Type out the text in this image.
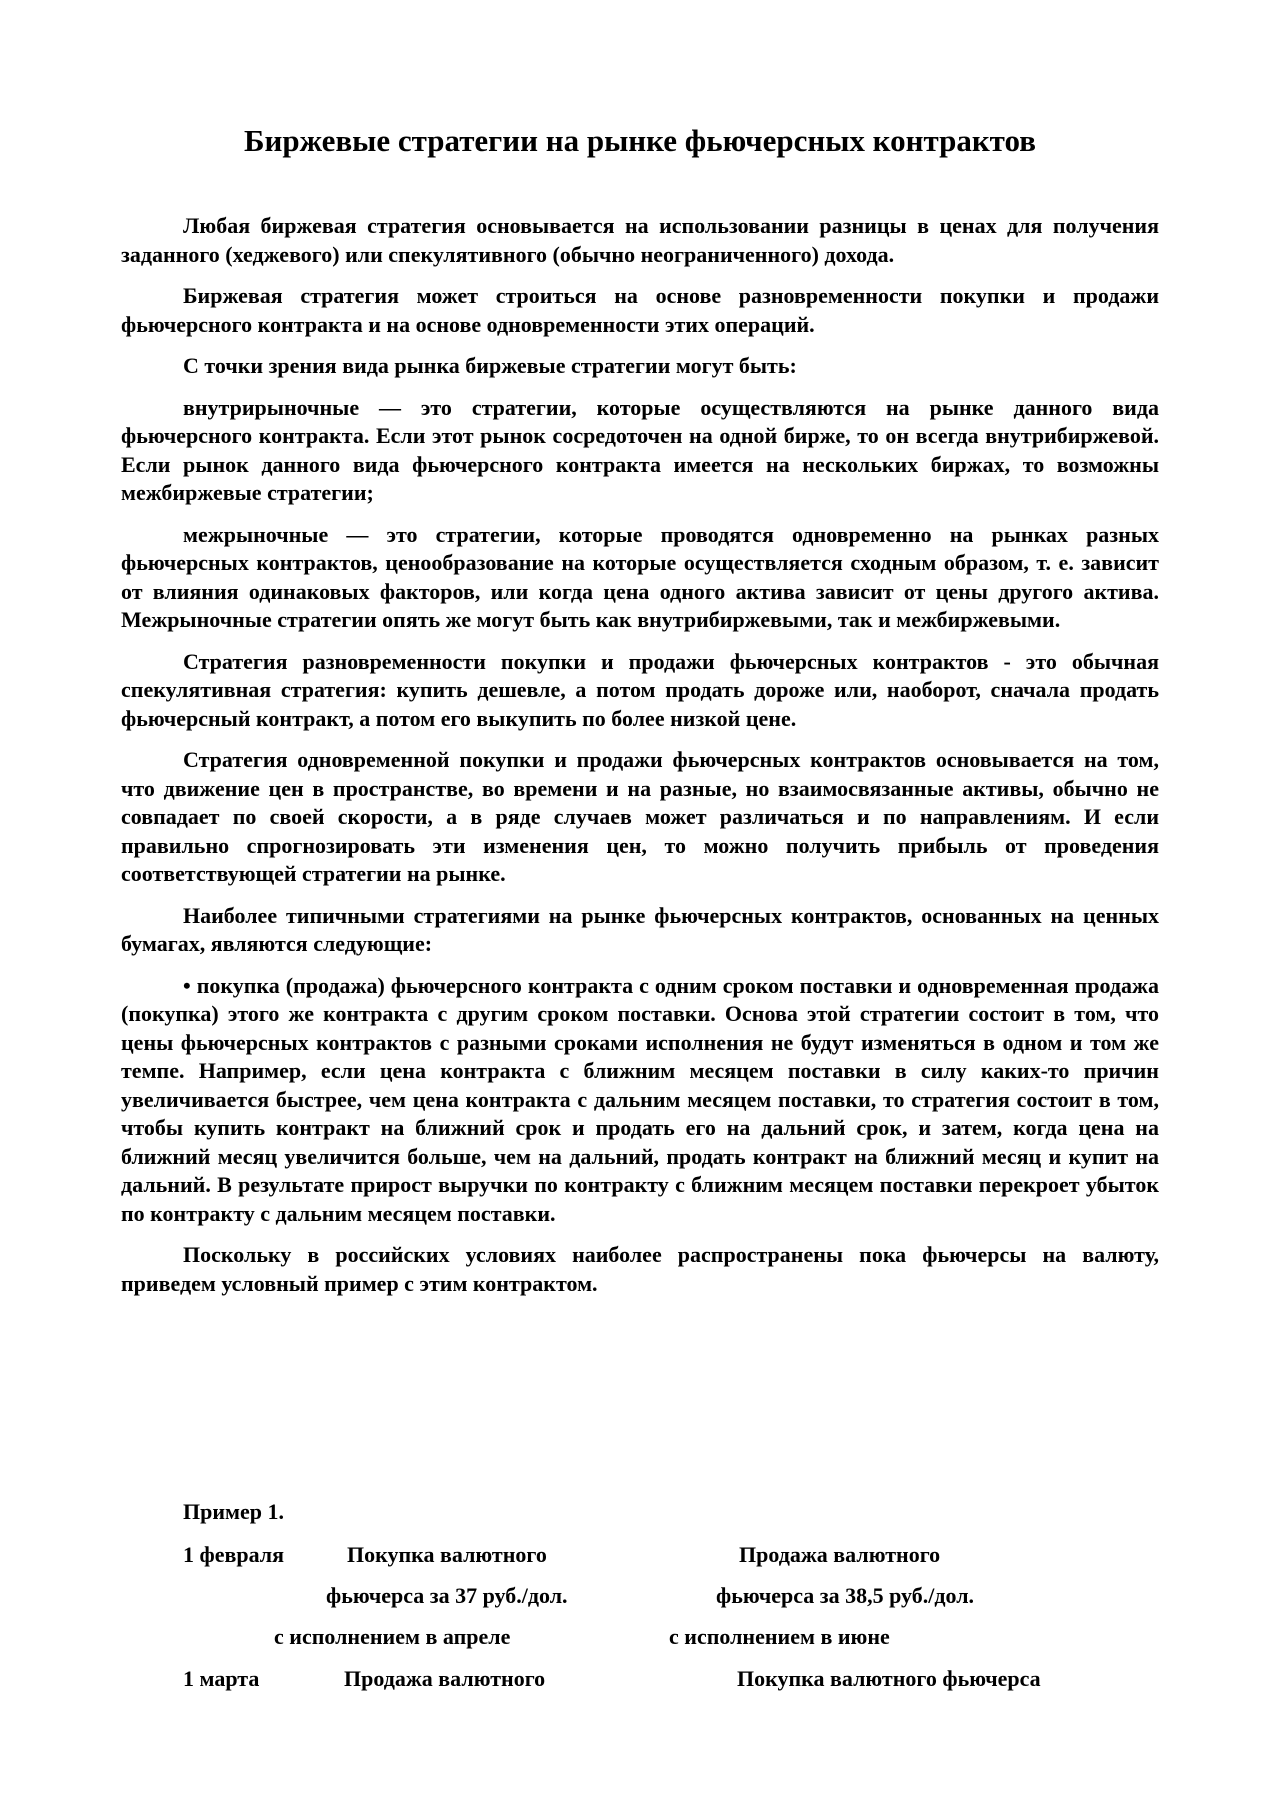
Биржевые стратегии на рынке фьючерсных контрактов

Любая биржевая стратегия основывается на использовании разницы в ценах для получения заданного (хеджевого) или спекулятивного (обычно неограниченного) дохода.

Биржевая стратегия может строиться на основе разновременности покупки и продажи фьючерсного контракта и на основе одновременности этих операций.

С точки зрения вида рынка биржевые стратегии могут быть:

внутрирыночные — это стратегии, которые осуществляются на рынке данного вида фьючерсного контракта. Если этот рынок сосредоточен на одной бирже, то он всегда внутрибиржевой. Если рынок данного вида фьючерсного контракта имеется на нескольких биржах, то возможны межбиржевые стратегии;

межрыночные — это стратегии, которые проводятся одновременно на рынках разных фьючерсных контрактов, ценообразование на которые осуществляется сходным образом, т. е. зависит от влияния одинаковых факторов, или когда цена одного актива зависит от цены другого актива. Межрыночные стратегии опять же могут быть как внутрибиржевыми, так и межбиржевыми.

Стратегия разновременности покупки и продажи фьючерсных контрактов - это обычная спекулятивная стратегия: купить дешевле, а потом продать дороже или, наоборот, сначала продать фьючерсный контракт, а потом его выкупить по более низкой цене.

Стратегия одновременной покупки и продажи фьючерсных контрактов основывается на том, что движение цен в пространстве, во времени и на разные, но взаимосвязанные активы, обычно не совпадает по своей скорости, а в ряде случаев может различаться и по направлениям. И если правильно спрогнозировать эти изменения цен, то можно получить прибыль от проведения соответствующей стратегии на рынке.

Наиболее типичными стратегиями на рынке фьючерсных контрактов, основанных на ценных бумагах, являются следующие:

• покупка (продажа) фьючерсного контракта с одним сроком поставки и одновременная продажа (покупка) этого же контракта с другим сроком поставки. Основа этой стратегии состоит в том, что цены фьючерсных контрактов с разными сроками исполнения не будут изменяться в одном и том же темпе. Например, если цена контракта с ближним месяцем поставки в силу каких-то причин увеличивается быстрее, чем цена контракта с дальним месяцем поставки, то стратегия состоит в том, чтобы купить контракт на ближний срок и продать его на дальний срок, и затем, когда цена на ближний месяц увеличится больше, чем на дальний, продать контракт на ближний месяц и купит на дальний. В результате прирост выручки по контракту с ближним месяцем поставки перекроет убыток по контракту с дальним месяцем поставки.

Поскольку в российских условиях наиболее распространены пока фьючерсы на валюту, приведем условный пример с этим контрактом.

Пример 1.
1 февраля	Покупка валютного	Продажа валютного
фьючерса за 37 руб./дол.	фьючерса за 38,5 руб./дол.
с исполнением в апреле	с исполнением в июне
1 марта	Продажа валютного	Покупка валютного фьючерса
